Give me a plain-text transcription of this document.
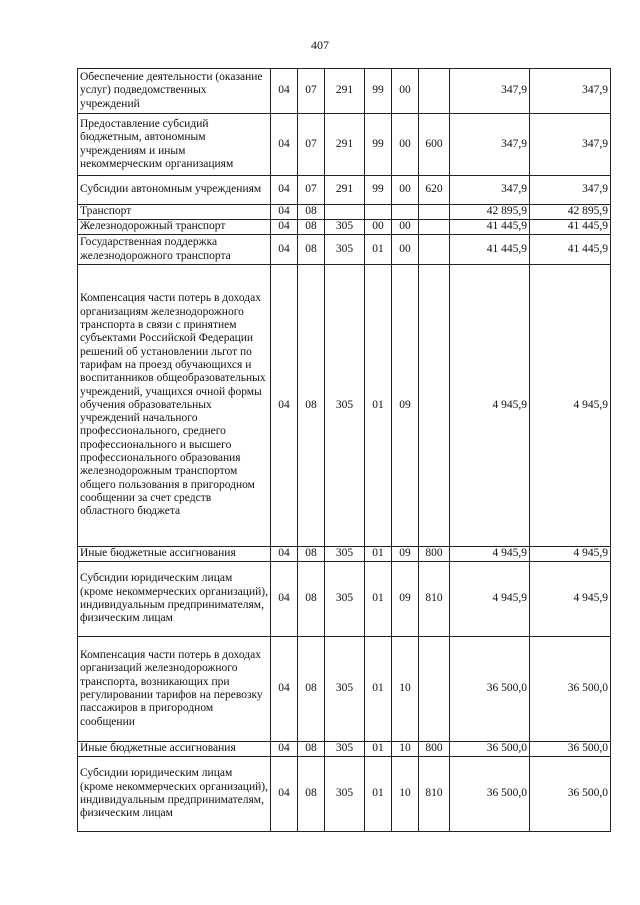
407
Обеспечение деятельности (оказание услуг) подведомственных учреждений	04	07	291	99	00		347,9	347,9
Предоставление субсидий бюджетным, автономным учреждениям и иным некоммерческим организациям	04	07	291	99	00	600	347,9	347,9
Субсидии автономным учреждениям	04	07	291	99	00	620	347,9	347,9
Транспорт	04	08					42 895,9	42 895,9
Железнодорожный транспорт	04	08	305	00	00		41 445,9	41 445,9
Государственная поддержка железнодорожного транспорта	04	08	305	01	00		41 445,9	41 445,9
Компенсация части потерь в доходах организациям железнодорожного транспорта в связи с принятием субъектами Российской Федерации решений об установлении льгот по тарифам на проезд обучающихся и воспитанников общеобразовательных учреждений, учащихся очной формы обучения образовательных учреждений начального профессионального, среднего профессионального и высшего профессионального образования железнодорожным транспортом общего пользования в пригородном сообщении за счет средств областного бюджета	04	08	305	01	09		4 945,9	4 945,9
Иные бюджетные ассигнования	04	08	305	01	09	800	4 945,9	4 945,9
Субсидии юридическим лицам (кроме некоммерческих организаций), индивидуальным предпринимателям, физическим лицам	04	08	305	01	09	810	4 945,9	4 945,9
Компенсация части потерь в доходах организаций железнодорожного транспорта, возникающих при регулировании тарифов на перевозку пассажиров в пригородном сообщении	04	08	305	01	10		36 500,0	36 500,0
Иные бюджетные ассигнования	04	08	305	01	10	800	36 500,0	36 500,0
Субсидии юридическим лицам (кроме некоммерческих организаций), индивидуальным предпринимателям, физическим лицам	04	08	305	01	10	810	36 500,0	36 500,0
